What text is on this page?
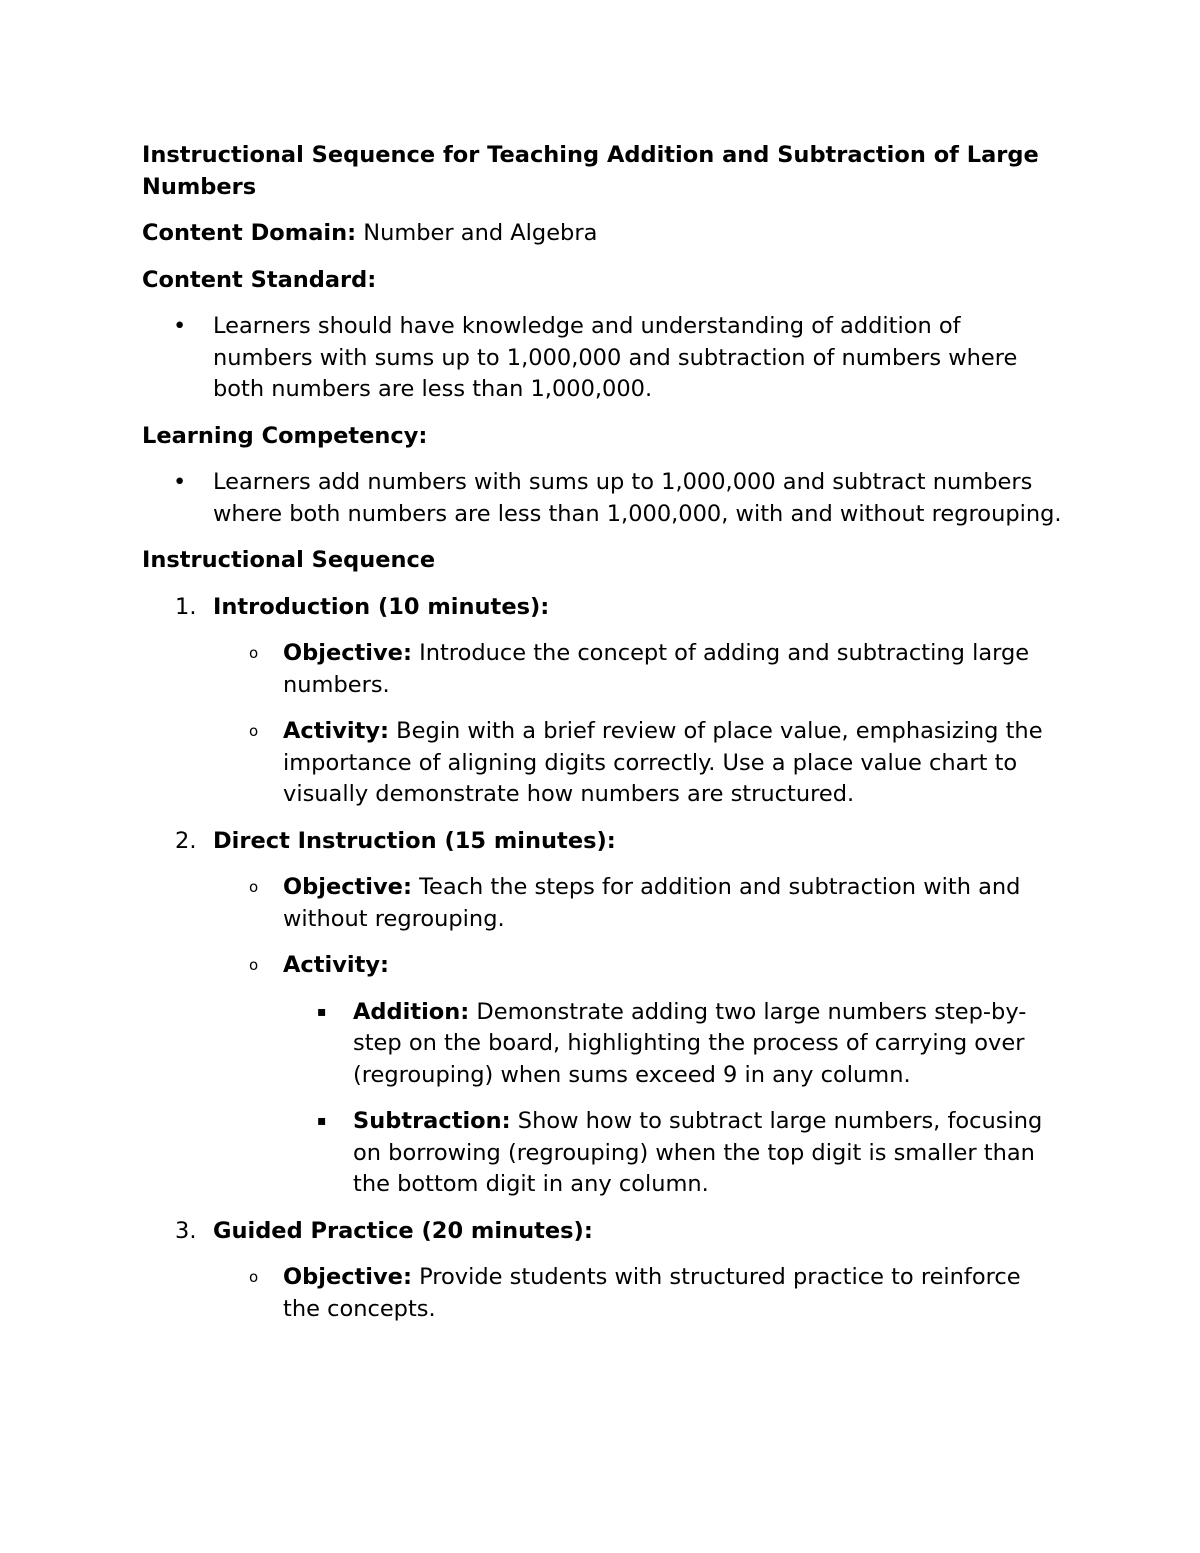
Instructional Sequence for Teaching Addition and Subtraction of Large Numbers
Content Domain: Number and Algebra
Content Standard:
• Learners should have knowledge and understanding of addition of numbers with sums up to 1,000,000 and subtraction of numbers where both numbers are less than 1,000,000.
Learning Competency:
• Learners add numbers with sums up to 1,000,000 and subtract numbers where both numbers are less than 1,000,000, with and without regrouping.
Instructional Sequence
1. Introduction (10 minutes):
o Objective: Introduce the concept of adding and subtracting large numbers.
o Activity: Begin with a brief review of place value, emphasizing the importance of aligning digits correctly. Use a place value chart to visually demonstrate how numbers are structured.
2. Direct Instruction (15 minutes):
o Objective: Teach the steps for addition and subtraction with and without regrouping.
o Activity:
▪ Addition: Demonstrate adding two large numbers step-by-step on the board, highlighting the process of carrying over (regrouping) when sums exceed 9 in any column.
▪ Subtraction: Show how to subtract large numbers, focusing on borrowing (regrouping) when the top digit is smaller than the bottom digit in any column.
3. Guided Practice (20 minutes):
o Objective: Provide students with structured practice to reinforce the concepts.
